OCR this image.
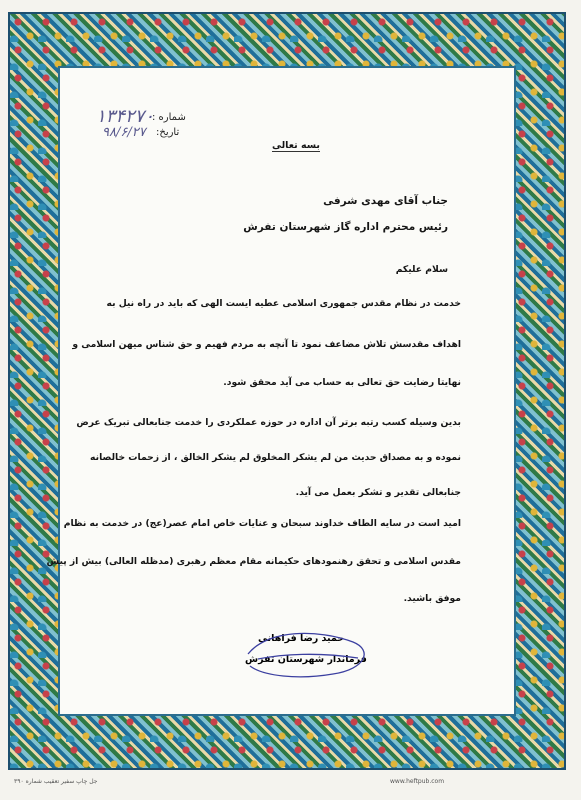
شماره :
تاریخ:
۱۳۴۲۷۰
۹۸/۶/۲۷
بسه تعالی
جناب آقای مهدی شرفی
رئیس محترم اداره گاز شهرستان تفرش
سلام علیکم
خدمت در نظام مقدس جمهوری اسلامی عطیه ایست الهی که باید در راه نیل به
اهداف مقدسش تلاش مضاعف نمود تا آنچه به مردم فهیم و حق شناس میهن اسلامی و
نهایتا رضایت حق تعالی به حساب می آید محقق شود.
بدین وسیله کسب رتبه برتر آن اداره در حوزه عملکردی را خدمت جنابعالی تبریک عرض
نموده و به مصداق حدیث من لم یشکر المخلوق لم یشکر الخالق ، از زحمات خالصانه
جنابعالی تقدیر و تشکر بعمل می آید.
امید است در سایه الطاف خداوند سبحان و عنایات خاص امام عصر(عج) در خدمت به نظام
مقدس اسلامی و تحقق رهنمودهای حکیمانه مقام معظم رهبری (مدظله العالی) بیش از پیش
موفق باشید.
حمید رضا فراهانی
فرماندار شهرستان تفرش
www.heftpub.com
جل چاپ سفیر تعقیب شماره ۳۹۰
